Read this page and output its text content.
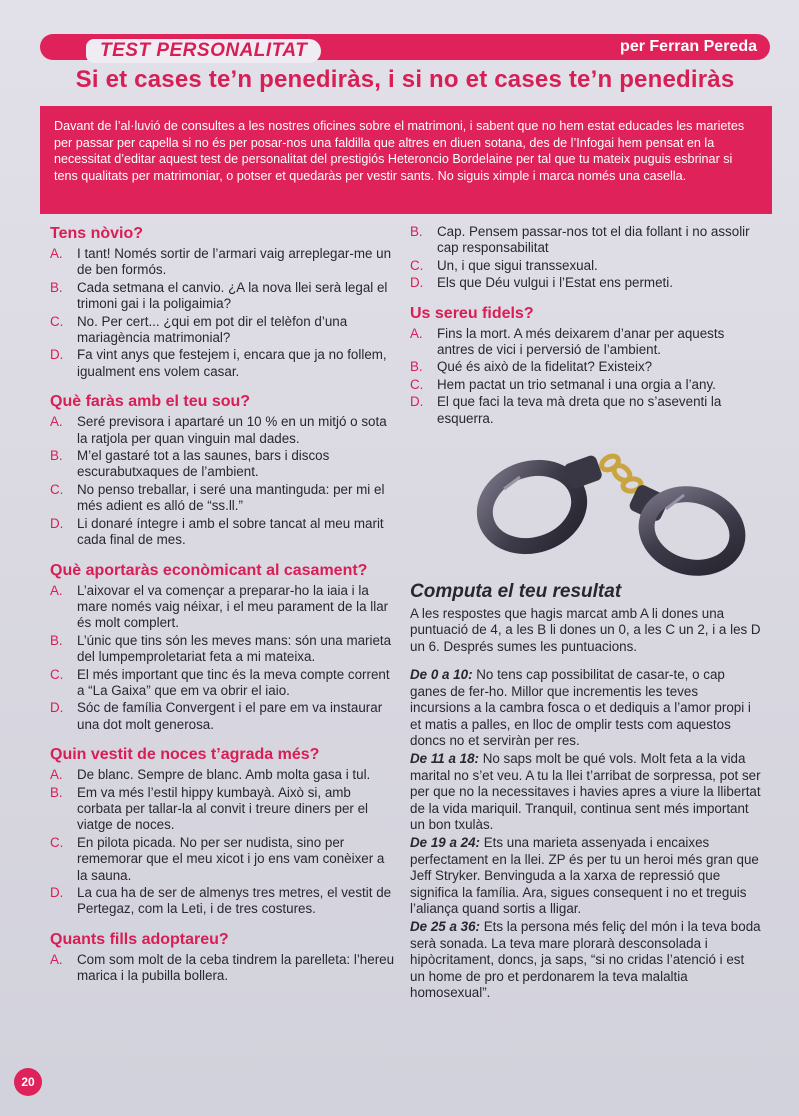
TEST PERSONALITAT	per Ferran Pereda
Si et cases te’n penediràs, i si no et cases te’n penediràs
Davant de l’al·luvió de consultes a les nostres oficines sobre el matrimoni, i sabent que no hem estat educades les marietes per passar per capella si no és per posar-nos una faldilla que altres en diuen sotana, des de l’Infogai hem pensat en la necessitat d’editar aquest test de personalitat del prestigiós Heteroncio Bordelaine per tal que tu mateix puguis esbrinar si tens qualitats per matrimoniar, o potser et quedaràs per vestir sants. No siguis ximple i marca només una casella.
Tens nòvio?
A. I tant! Només sortir de l’armari vaig arreplegar-me un de ben formós.
B. Cada setmana el canvio. ¿A la nova llei serà legal el trimoni gai i la poligaimia?
C. No. Per cert... ¿qui em pot dir el telèfon d’una mariagència matrimonial?
D. Fa vint anys que festejem i, encara que ja no follem, igualment ens volem casar.
Què faràs amb el teu sou?
A. Seré previsora i apartaré un 10 % en un mitjó o sota la ratjola per quan vinguin mal dades.
B. M’el gastaré tot a las saunes, bars i discos escurabutxaques de l’ambient.
C. No penso treballar, i seré una mantinguda: per mi el més adient es alló de “ss.ll.”
D. Li donaré íntegre i amb el sobre tancat al meu marit cada final de mes.
Què aportaràs econòmicant al casament?
A. L’aixovar el va començar a preparar-ho la iaia i la mare només vaig néixar, i el meu parament de la llar és molt complert.
B. L’únic que tins són les meves mans: són una marieta del lumpemproletariat feta a mi mateixa.
C. El més important que tinc és la meva compte corrent a “La Gaixa” que em va obrir el iaio.
D. Sóc de família Convergent i el pare em va instaurar una dot molt generosa.
Quin vestit de noces t’agrada més?
A. De blanc. Sempre de blanc. Amb molta gasa i tul.
B. Em va més l’estil hippy kumbayà. Això si, amb corbata per tallar-la al convit i treure diners per el viatge de noces.
C. En pilota picada. No per ser nudista, sino per rememorar que el meu xicot i jo ens vam conèixer a la sauna.
D. La cua ha de ser de almenys tres metres, el vestit de Pertegaz, com la Leti, i de tres costures.
Quants fills adoptareu?
A. Com som molt de la ceba tindrem la parelleta: l’hereu marica i la pubilla bollera.
B. Cap. Pensem passar-nos tot el dia follant i no assolir cap responsabilitat
C. Un, i que sigui transsexual.
D. Els que Déu vulgui i l’Estat ens permeti.
Us sereu fidels?
A. Fins la mort. A més deixarem d’anar per aquests antres de vici i perversió de l’ambient.
B. Qué és això de la fidelitat? Existeix?
C. Hem pactat un trio setmanal i una orgia a l’any.
D. El que faci la teva mà dreta que no s’aseventi la esquerra.
Computa el teu resultat

A les respostes que hagis marcat amb A li dones una puntuació de 4, a les B li dones un 0, a les C un 2, i a les D un 6. Després sumes les puntuacions.

De 0 a 10: No tens cap possibilitat de casar-te, o cap ganes de fer-ho. Millor que incrementis les teves incursions a la cambra fosca o et dediquis a l’amor propi i et matis a palles, en lloc de omplir tests com aquestos doncs no et serviràn per res.

De 11 a 18: No saps molt be qué vols. Molt feta a la vida marital no s’et veu. A tu la llei t’arribat de sorpressa, pot ser per que no la necessitaves i havies apres a viure la llibertat de la vida mariquil. Tranquil, continua sent més important un bon txulàs.

De 19 a 24: Ets una marieta assenyada i encaixes perfectament en la llei. ZP és per tu un heroi més gran que Jeff Stryker. Benvinguda a la xarxa de repressió que significa la família. Ara, sigues consequent i no et treguis l’aliança quand sortis a lligar.

De 25 a 36: Ets la persona més feliç del món i la teva boda serà sonada. La teva mare plorarà desconsolada i hipòcritament, doncs, ja saps, “si no cridas l’atenció i est un home de pro et perdonarem la teva malaltia homosexual”.

20
